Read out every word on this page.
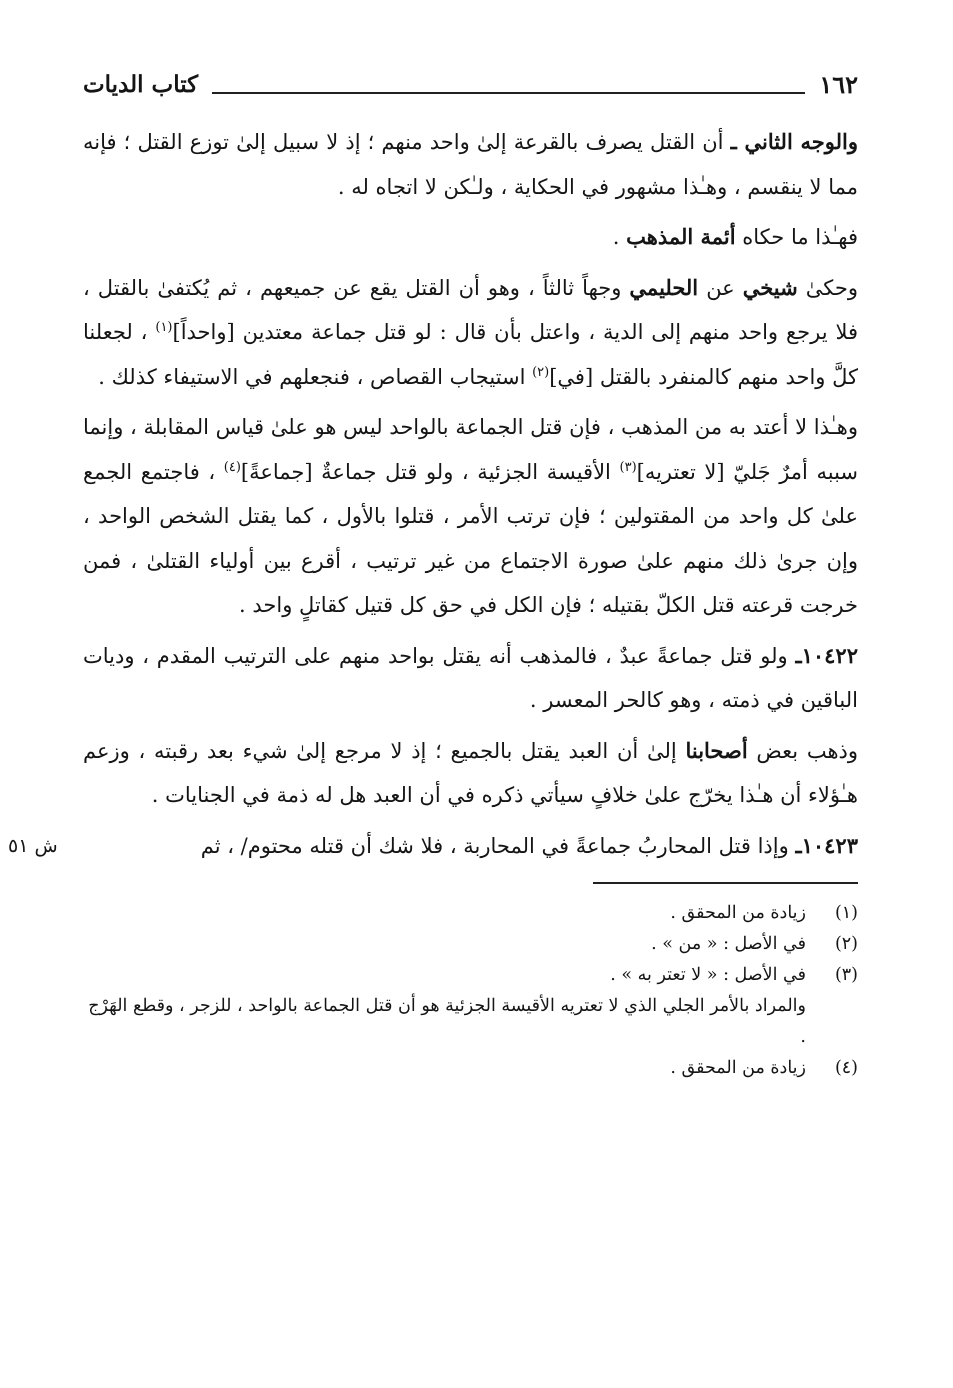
١٦٢
كتاب الديات

والوجه الثاني ـ أن القتل يصرف بالقرعة إلىٰ واحد منهم ؛ إذ لا سبيل إلىٰ توزع القتل ؛ فإنه مما لا ينقسم ، وهـٰذا مشهور في الحكاية ، ولـٰكن لا اتجاه له .

فهـٰذا ما حكاه أئمة المذهب .

وحكىٰ شيخي عن الحليمي وجهاً ثالثاً ، وهو أن القتل يقع عن جميعهم ، ثم يُكتفىٰ بالقتل ، فلا يرجع واحد منهم إلى الدية ، واعتل بأن قال : لو قتل جماعة معتدين [واحداً]$^{(١)}$ ، لجعلنا كلَّ واحد منهم كالمنفرد بالقتل [في]$^{(٢)}$ استيجاب القصاص ، فنجعلهم في الاستيفاء كذلك .

وهـٰذا لا أعتد به من المذهب ، فإن قتل الجماعة بالواحد ليس هو علىٰ قياس المقابلة ، وإنما سببه أمرٌ جَليّ [لا تعتريه]$^{(٣)}$ الأقيسة الجزئية ، ولو قتل جماعةٌ [جماعةً]$^{(٤)}$ ، فاجتمع الجمع علىٰ كل واحد من المقتولين ؛ فإن ترتب الأمر ، قتلوا بالأول ، كما يقتل الشخص الواحد ، وإن جرىٰ ذلك منهم علىٰ صورة الاجتماع من غير ترتيب ، أقرع بين أولياء القتلىٰ ، فمن خرجت قرعته قتل الكلّ بقتيله ؛ فإن الكل في حق كل قتيل كقاتلٍ واحد .

١٠٤٢٢ـ ولو قتل جماعةً عبدٌ ، فالمذهب أنه يقتل بواحد منهم على الترتيب المقدم ، وديات الباقين في ذمته ، وهو كالحر المعسر .

وذهب بعض أصحابنا إلىٰ أن العبد يقتل بالجميع ؛ إذ لا مرجع إلىٰ شيء بعد رقبته ، وزعم هـٰؤلاء أن هـٰذا يخرّج علىٰ خلافٍ سيأتي ذكره في أن العبد هل له ذمة في الجنايات .

ش ٥١	١٠٤٢٣ـ وإذا قتل المحاربُ جماعةً في المحاربة ، فلا شك أن قتله محتوم/ ، ثم

(١)
زيادة من المحقق .
(٢)
في الأصل : « من » .
(٣)
في الأصل : « لا تعتر به » .
والمراد بالأمر الجلي الذي لا تعتريه الأقيسة الجزئية هو أن قتل الجماعة بالواحد ، للزجر ، وقطع الهَرْج .
(٤)
زيادة من المحقق .
